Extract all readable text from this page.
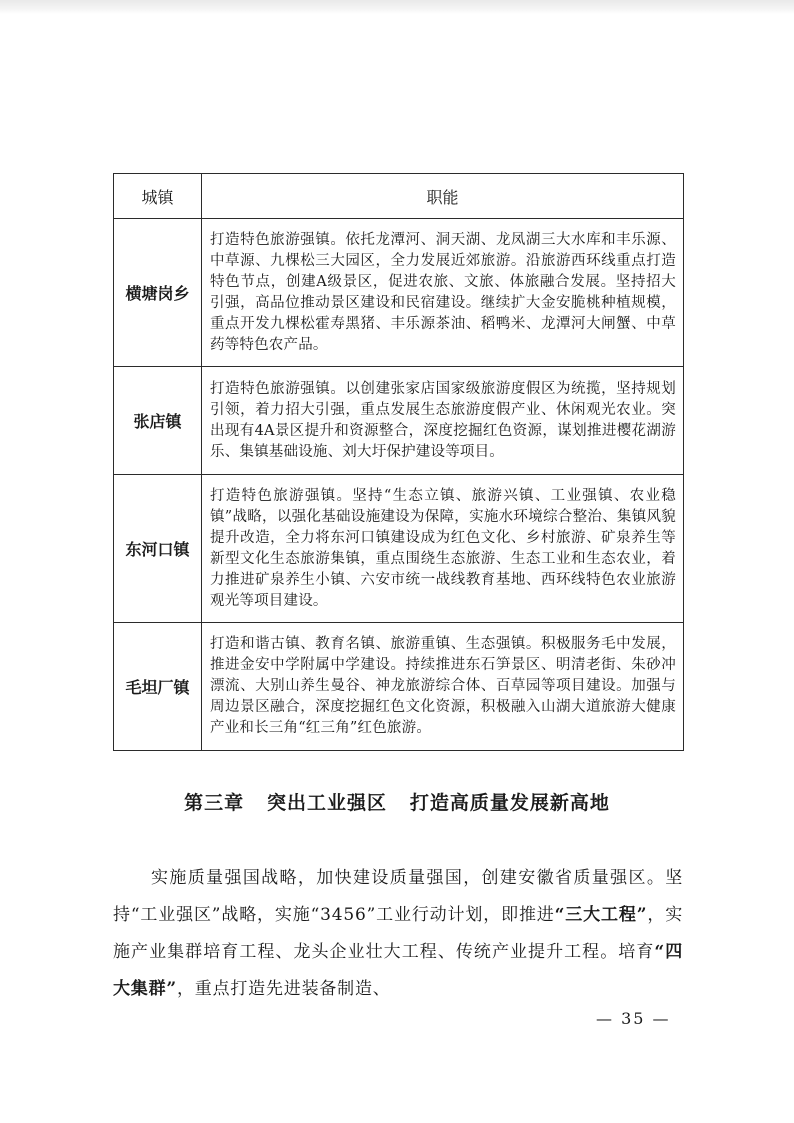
城镇	职能
横塘岗乡	打造特色旅游强镇。依托龙潭河、洞天湖、龙凤湖三大水库和丰乐源、中草源、九棵松三大园区，全力发展近郊旅游。沿旅游西环线重点打造特色节点，创建A级景区，促进农旅、文旅、体旅融合发展。坚持招大引强，高品位推动景区建设和民宿建设。继续扩大金安脆桃种植规模，重点开发九棵松霍寿黑猪、丰乐源茶油、稻鸭米、龙潭河大闸蟹、中草药等特色农产品。
张店镇	打造特色旅游强镇。以创建张家店国家级旅游度假区为统揽，坚持规划引领，着力招大引强，重点发展生态旅游度假产业、休闲观光农业。突出现有4A景区提升和资源整合，深度挖掘红色资源，谋划推进樱花湖游乐、集镇基础设施、刘大圩保护建设等项目。
东河口镇	打造特色旅游强镇。坚持“生态立镇、旅游兴镇、工业强镇、农业稳镇”战略，以强化基础设施建设为保障，实施水环境综合整治、集镇风貌提升改造，全力将东河口镇建设成为红色文化、乡村旅游、矿泉养生等新型文化生态旅游集镇，重点围绕生态旅游、生态工业和生态农业，着力推进矿泉养生小镇、六安市统一战线教育基地、西环线特色农业旅游观光等项目建设。
毛坦厂镇	打造和谐古镇、教育名镇、旅游重镇、生态强镇。积极服务毛中发展，推进金安中学附属中学建设。持续推进东石笋景区、明清老街、朱砂冲漂流、大别山养生曼谷、神龙旅游综合体、百草园等项目建设。加强与周边景区融合，深度挖掘红色文化资源，积极融入山湖大道旅游大健康产业和长三角“红三角”红色旅游。
第三章 突出工业强区 打造高质量发展新高地
实施质量强国战略，加快建设质量强国，创建安徽省质量强区。坚持“工业强区”战略，实施“3456”工业行动计划，即推进“三大工程”，实施产业集群培育工程、龙头企业壮大工程、传统产业提升工程。培育“四大集群”，重点打造先进装备制造、
— 35 —
